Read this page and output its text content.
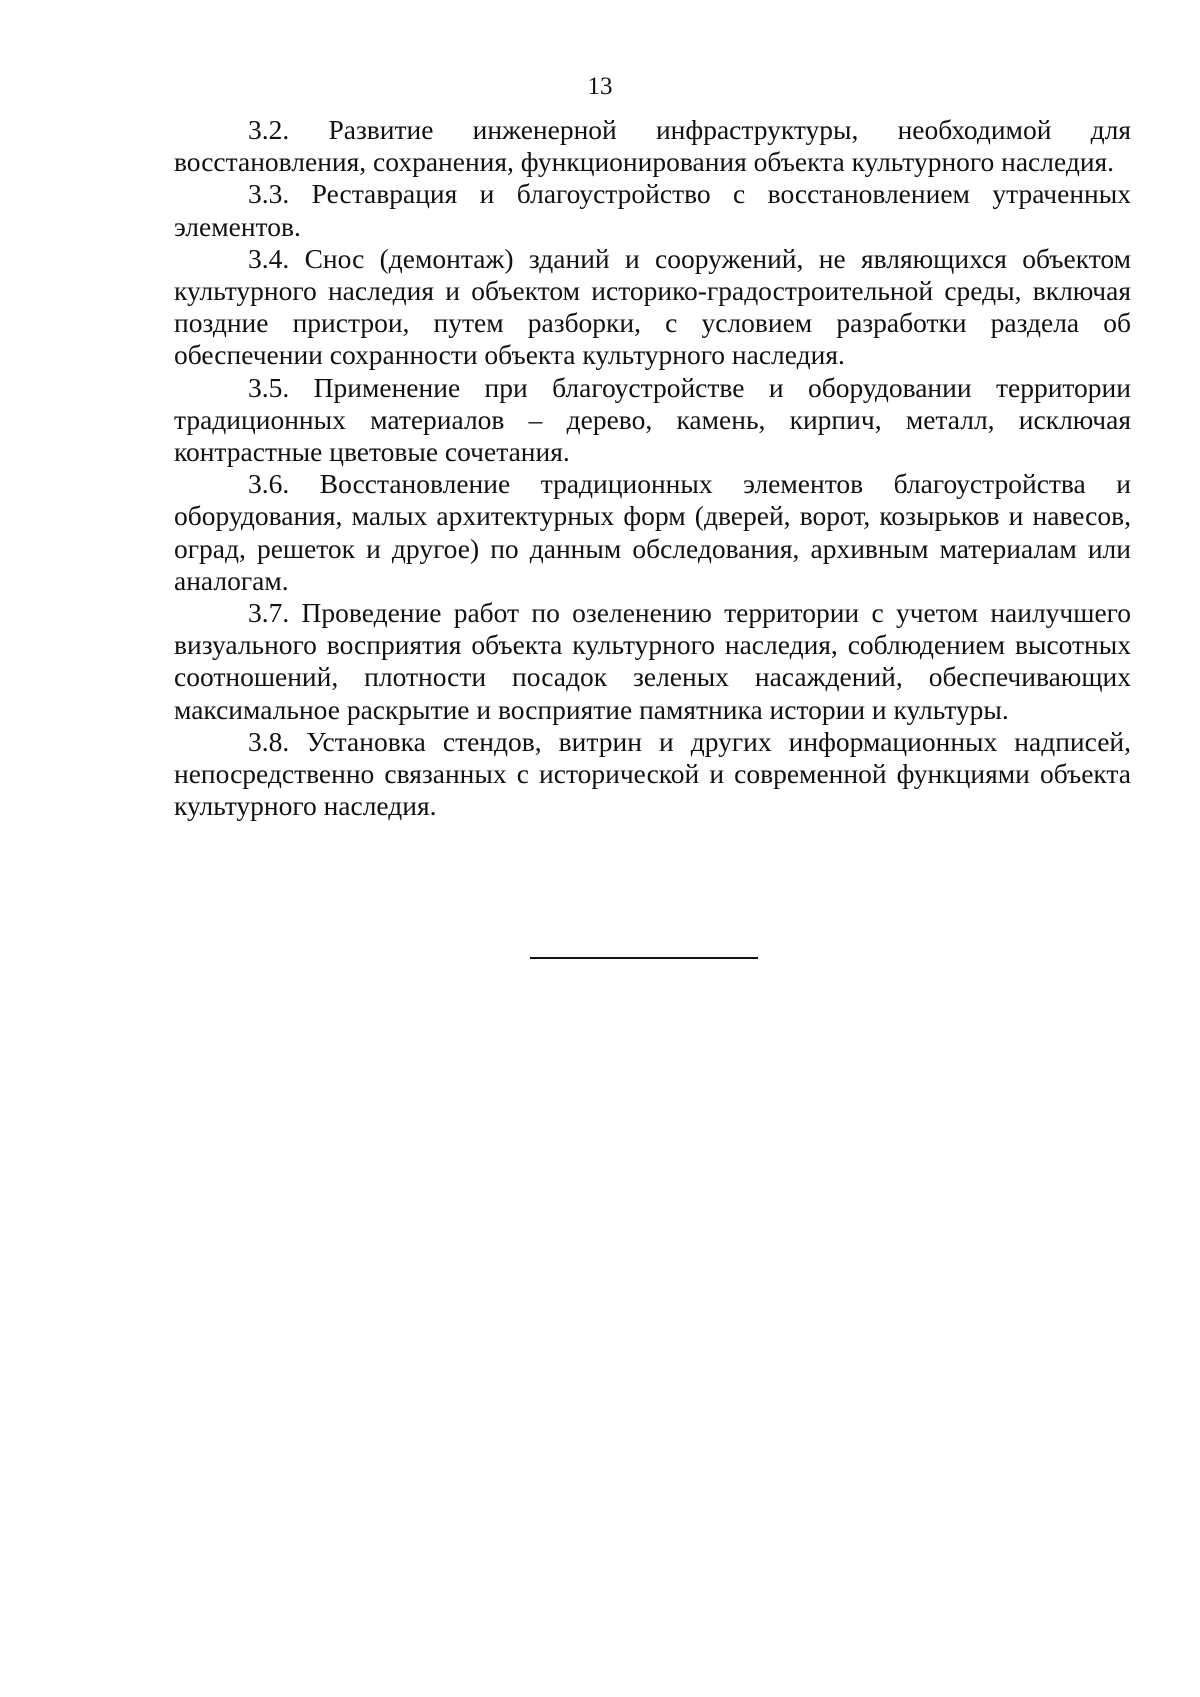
13

3.2. Развитие инженерной инфраструктуры, необходимой для восстановления, сохранения, функционирования объекта культурного наследия.

3.3. Реставрация и благоустройство с восстановлением утраченных элементов.

3.4. Снос (демонтаж) зданий и сооружений, не являющихся объектом культурного наследия и объектом историко-градостроительной среды, включая поздние пристрои, путем разборки, с условием разработки раздела об обеспечении сохранности объекта культурного наследия.

3.5. Применение при благоустройстве и оборудовании территории традиционных материалов – дерево, камень, кирпич, металл, исключая контрастные цветовые сочетания.

3.6. Восстановление традиционных элементов благоустройства и оборудования, малых архитектурных форм (дверей, ворот, козырьков и навесов, оград, решеток и другое) по данным обследования, архивным материалам или аналогам.

3.7. Проведение работ по озеленению территории с учетом наилучшего визуального восприятия объекта культурного наследия, соблюдением высотных соотношений, плотности посадок зеленых насаждений, обеспечивающих максимальное раскрытие и восприятие памятника истории и культуры.

3.8. Установка стендов, витрин и других информационных надписей, непосредственно связанных с исторической и современной функциями объекта культурного наследия.
